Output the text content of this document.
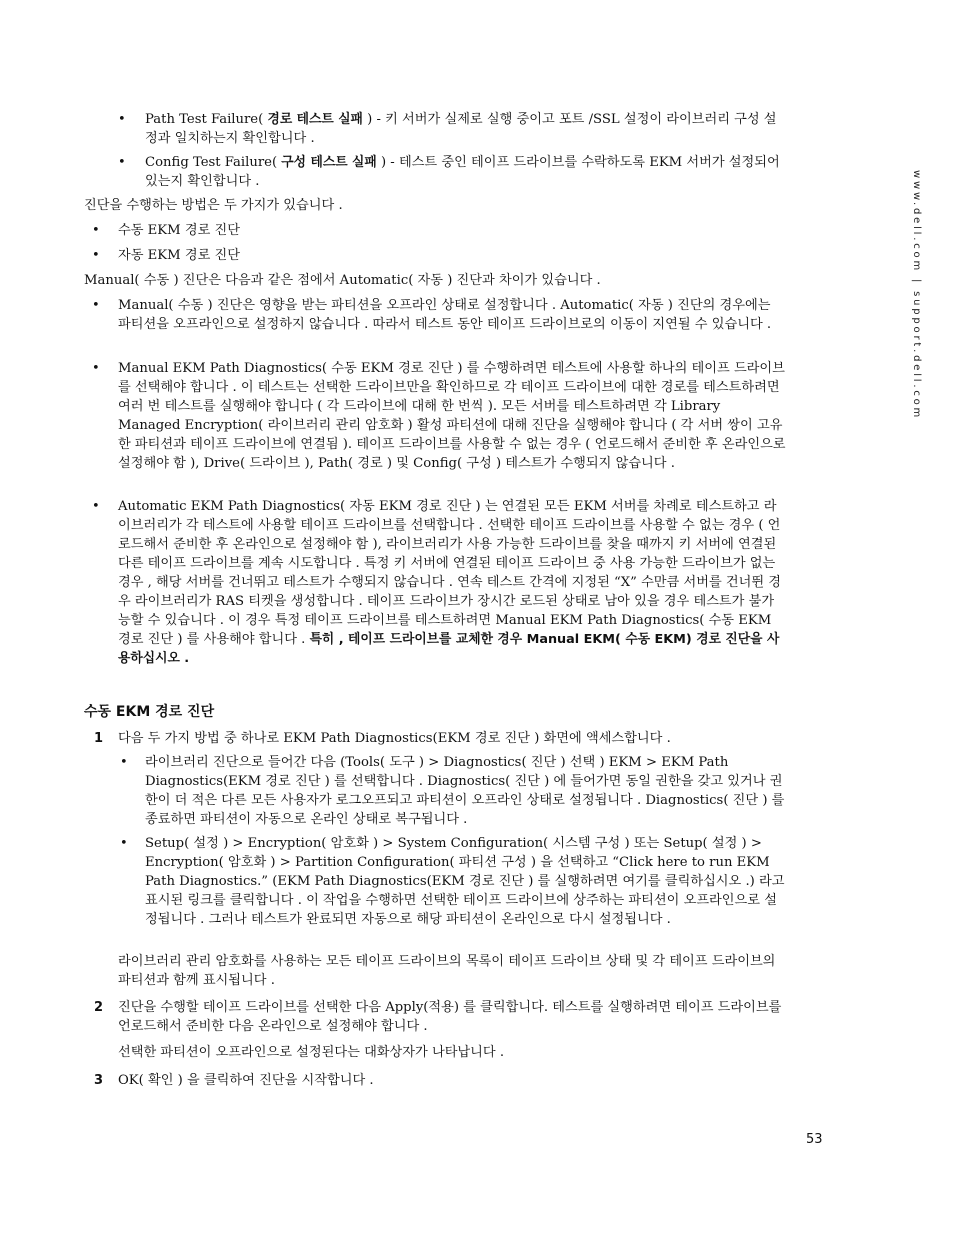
www.dell.com | support.dell.com
• Path Test Failure( 경로 테스트 실패 ) - 키 서버가 실제로 실행 중이고 포트 /SSL 설정이 라이브러리 구성 설정과 일치하는지 확인합니다 .
• Config Test Failure( 구성 테스트 실패 ) - 테스트 중인 테이프 드라이브를 수락하도록 EKM 서버가 설정되어 있는지 확인합니다 .
진단을 수행하는 방법은 두 가지가 있습니다 .
• 수동 EKM 경로 진단
• 자동 EKM 경로 진단
Manual( 수동 ) 진단은 다음과 같은 점에서 Automatic( 자동 ) 진단과 차이가 있습니다 .
• Manual( 수동 ) 진단은 영향을 받는 파티션을 오프라인 상태로 설정합니다 . Automatic( 자동 ) 진단의 경우에는 파티션을 오프라인으로 설정하지 않습니다 . 따라서 테스트 동안 테이프 드라이브로의 이동이 지연될 수 있습니다 .
• Manual EKM Path Diagnostics( 수동 EKM 경로 진단 ) 를 수행하려면 테스트에 사용할 하나의 테이프 드라이브를 선택해야 합니다 . 이 테스트는 선택한 드라이브만을 확인하므로 각 테이프 드라이브에 대한 경로를 테스트하려면 여러 번 테스트를 실행해야 합니다 ( 각 드라이브에 대해 한 번씩 ). 모든 서버를 테스트하려면 각 Library Managed Encryption( 라이브러리 관리 암호화 ) 활성 파티션에 대해 진단을 실행해야 합니다 ( 각 서버 쌍이 고유한 파티션과 테이프 드라이브에 연결됨 ). 테이프 드라이브를 사용할 수 없는 경우 ( 언로드해서 준비한 후 온라인으로 설정해야 함 ), Drive( 드라이브 ), Path( 경로 ) 및 Config( 구성 ) 테스트가 수행되지 않습니다 .
• Automatic EKM Path Diagnostics( 자동 EKM 경로 진단 ) 는 연결된 모든 EKM 서버를 차례로 테스트하고 라이브러리가 각 테스트에 사용할 테이프 드라이브를 선택합니다 . 선택한 테이프 드라이브를 사용할 수 없는 경우 ( 언로드해서 준비한 후 온라인으로 설정해야 함 ), 라이브러리가 사용 가능한 드라이브를 찾을 때까지 키 서버에 연결된 다른 테이프 드라이브를 계속 시도합니다 . 특정 키 서버에 연결된 테이프 드라이브 중 사용 가능한 드라이브가 없는 경우 , 해당 서버를 건너뛰고 테스트가 수행되지 않습니다 . 연속 테스트 간격에 지정된 “X” 수만큼 서버를 건너뛴 경우 라이브러리가 RAS 티켓을 생성합니다 . 테이프 드라이브가 장시간 로드된 상태로 남아 있을 경우 테스트가 불가능할 수 있습니다 . 이 경우 특정 테이프 드라이브를 테스트하려면 Manual EKM Path Diagnostics( 수동 EKM 경로 진단 ) 를 사용해야 합니다 . 특히 , 테이프 드라이브를 교체한 경우 Manual EKM( 수동 EKM) 경로 진단을 사용하십시오 .
수동 EKM 경로 진단
1 다음 두 가지 방법 중 하나로 EKM Path Diagnostics(EKM 경로 진단 ) 화면에 액세스합니다 .
• 라이브러리 진단으로 들어간 다음 (Tools( 도구 ) > Diagnostics( 진단 ) 선택 ) EKM > EKM Path Diagnostics(EKM 경로 진단 ) 를 선택합니다 . Diagnostics( 진단 ) 에 들어가면 동일 권한을 갖고 있거나 권한이 더 적은 다른 모든 사용자가 로그오프되고 파티션이 오프라인 상태로 설정됩니다 . Diagnostics( 진단 ) 를 종료하면 파티션이 자동으로 온라인 상태로 복구됩니다 .
• Setup( 설정 ) > Encryption( 암호화 ) > System Configuration( 시스템 구성 ) 또는 Setup( 설정 ) > Encryption( 암호화 ) > Partition Configuration( 파티션 구성 ) 을 선택하고 “Click here to run EKM Path Diagnostics.” (EKM Path Diagnostics(EKM 경로 진단 ) 를 실행하려면 여기를 클릭하십시오 .) 라고 표시된 링크를 클릭합니다 . 이 작업을 수행하면 선택한 테이프 드라이브에 상주하는 파티션이 오프라인으로 설정됩니다 . 그러나 테스트가 완료되면 자동으로 해당 파티션이 온라인으로 다시 설정됩니다 .
라이브러리 관리 암호화를 사용하는 모든 테이프 드라이브의 목록이 테이프 드라이브 상태 및 각 테이프 드라이브의 파티션과 함께 표시됩니다 .
2 진단을 수행할 테이프 드라이브를 선택한 다음 Apply(적용) 를 클릭합니다. 테스트를 실행하려면 테이프 드라이브를 언로드해서 준비한 다음 온라인으로 설정해야 합니다 .
선택한 파티션이 오프라인으로 설정된다는 대화상자가 나타납니다 .
3 OK( 확인 ) 을 클릭하여 진단을 시작합니다 .
53
